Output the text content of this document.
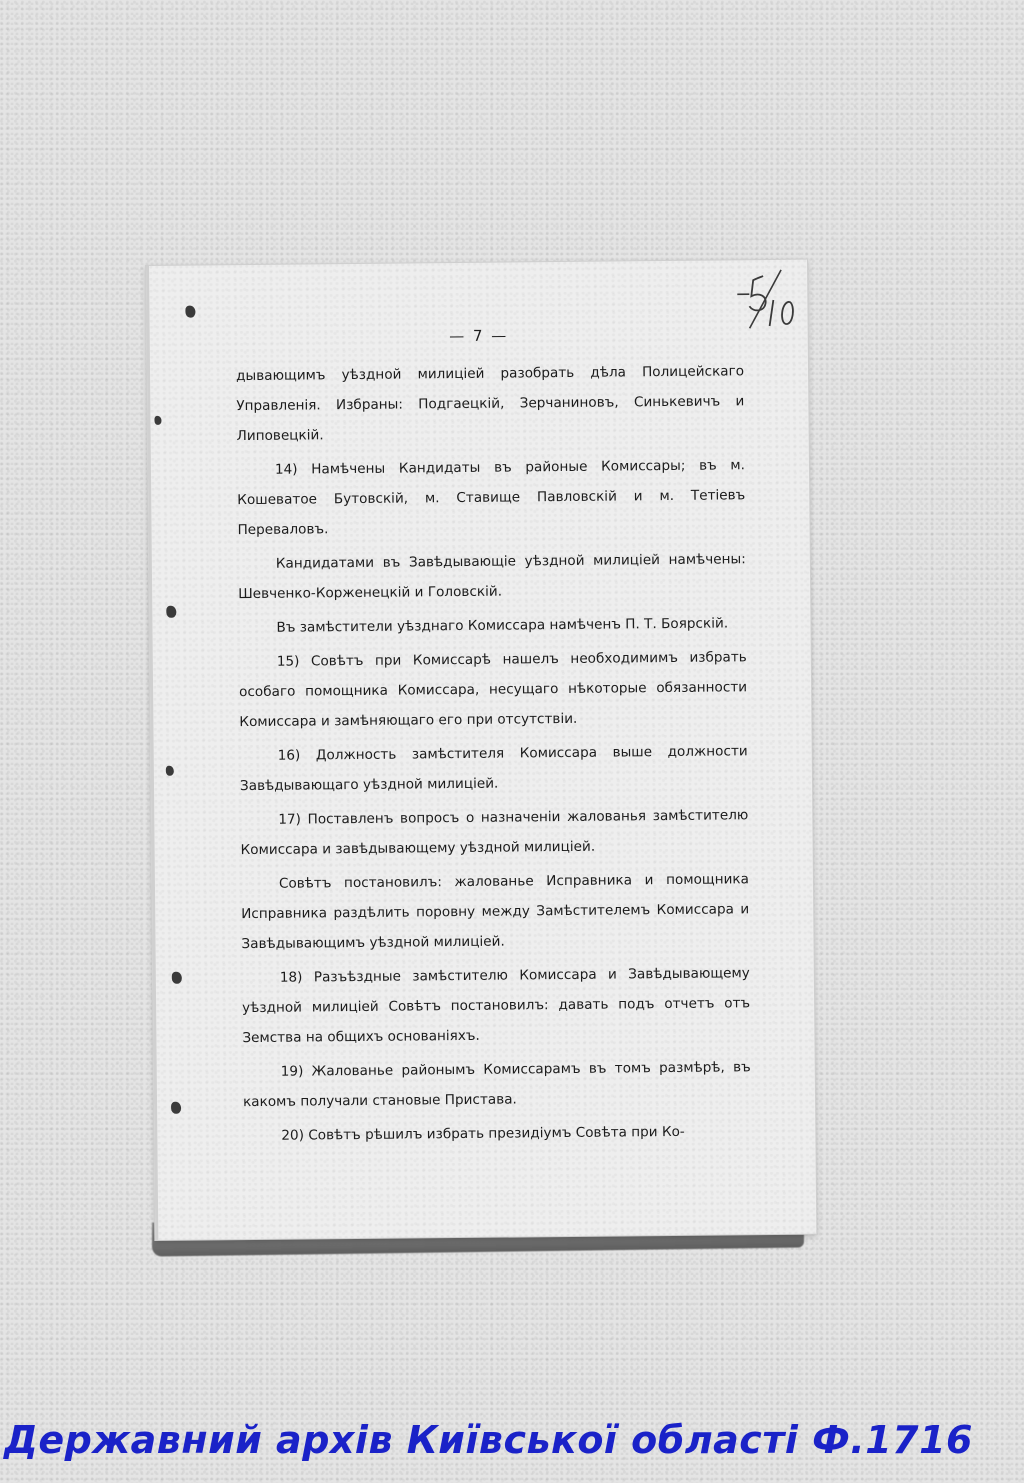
— 7 —

дывающимъ уѣздной милиціей разобрать дѣла Полицейскаго Управленія. Избраны: Подгаецкій, Зерчаниновъ, Синькевичъ и Липовецкій.

14) Намѣчены Кандидаты въ районые Комиссары; въ м. Кошеватое Бутовскій, м. Ставище Павловскій и м. Тетіевъ Переваловъ.

Кандидатами въ Завѣдывающіе уѣздной милиціей намѣчены: Шевченко-Корженецкій и Головскій.

Въ замѣстители уѣзднаго Комиссара намѣченъ П. Т. Боярскій.

15) Совѣтъ при Комиссарѣ нашелъ необходимимъ избрать особаго помощника Комиссара, несущаго нѣкоторые обязанности Комиссара и замѣняющаго его при отсутствіи.

16) Должность замѣстителя Комиссара выше должности Завѣдывающаго уѣздной милиціей.

17) Поставленъ вопросъ о назначеніи жалованья замѣстителю Комиссара и завѣдывающему уѣздной милиціей.

Совѣтъ постановилъ: жалованье Исправника и помощника Исправника раздѣлить поровну между Замѣстителемъ Комиссара и Завѣдывающимъ уѣздной милиціей.

18) Разъѣздные замѣстителю Комиссара и Завѣдывающему уѣздной милиціей Совѣтъ постановилъ: давать подъ отчетъ отъ Земства на общихъ основаніяхъ.

19) Жалованье районымъ Комиссарамъ въ томъ размѣрѣ, въ какомъ получали становые Пристава.

20) Совѣтъ рѣшилъ избрать президіумъ Совѣта при Ко-

Державний архів Київської області Ф.1716
